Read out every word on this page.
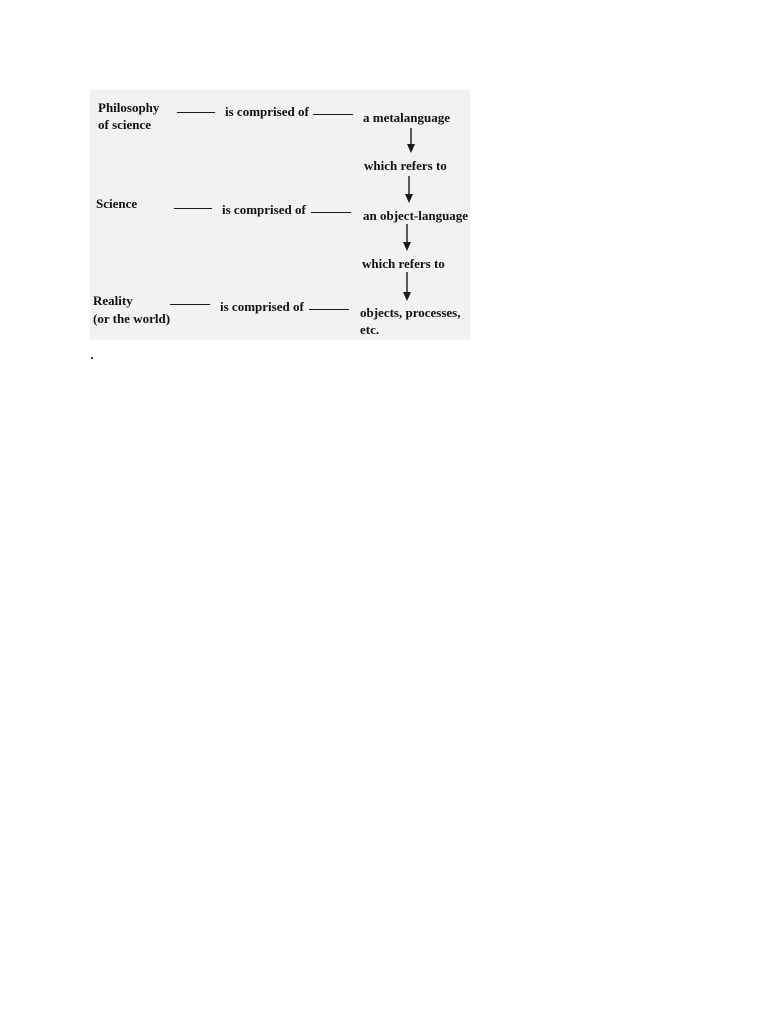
Philosophy
of science
is comprised of	a metalanguage
which refers to
Science	is comprised of	an object-language
which refers to
Reality
(or the world)
is comprised of	objects, processes,
etc.
